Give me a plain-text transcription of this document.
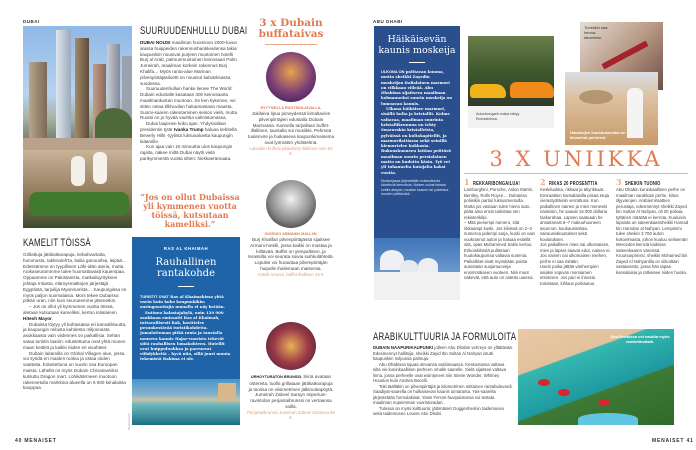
DUBAI
SUURUUDENHULLU DUBAI

DUBAI NOUSI maailman huomioon 2000-luvun alussa huippeiden rakennushankkeidensa takia: kaupunkiin nousivat purjeen muotoinen hotelli Burj al Arab, palmunmuotoinen keinosaari Palm Jumeirah, maailman korkein rakennus Burj Khalifa… Myös ranta-alue Marinan pilvenpiirtäjäsiluetti on noussut kahdeksassa vuodessa.

Suuruudenhulluin hanke lienee The World: Dubain edustalle kasataan 300 keinosaarta maailmankartan muotoon. Se ken kykenee, voi sitten ostaa tilkhuvilan haluamastaan maasta. Suomi-saaren rakentaminen seisoo vielä, mutta Ruotsi on jo hyvää vauhtia valmistumassa.

Dubai laajenee koko ajan. Yhdysvaltain presidentin tytär Ivanka Trump haluaa kehitellä Beverly Hills -tyylistä luksusaluetta kaupungin laitamille.

Kun ajaa vain 10 minuuttia ulos kaupungin rajalta, näkee miltä Dubai näytti vielä parikymmentä vuotta sitten: hiekkaerämaata.

”Jos on ollut Dubaissa yli kymmenen vuotta töissä, kutsutaan kameliksi.”
KAMELIT TÖISSÄ

Grillattuja jättikatkarapuja, kebabvartaita, hummusta, tabbouleh'ta, baba ganoushia, leipää… Edessämme on tyypillinen Lähi-idän ateria, mutta ruokaseurammme tulee huomattavasti kauempaa. Oppaamme on Pakistanista, matkailuyrityksen johtaja Intiasta, elämysmatkojen järjestäjä Egyptistä, tarjoilija Myanmarista… Kaupungissa on myös paljon suomalaisia. Moni tekee Dubaissa pitkän uran, niin kuin seurueemme jäsenetkin.

– Jos on ollut yli kymmenen vuotta töissä, aletaan kutsutaan kameliksi, kertoo intialainen Hitesh Mayor.

Dubaista löytyy yli kahtasataa eri kansallisuutta, ja kaupungin reilusta kahdesta miljoonasta asukkaasta vain viidennes on paikallisia. Sehän sataa turistin laariin: edustettuina ovat yhtä monen maan keittiöt ja kaikki niiden eri vivahteet.

Dubain laitamilla on Global Villagen alue, jossa voi syödä eri maiden ruokia ja ostaa niiden vaatteita. Edustettuna on suurin osa Euroopan maista. Lähellä on myös Dubain Chinatowniksi kutsuttu Dragon mart. Lohikäärmeen muotoon rakennetulla markkina-alueella on 5 000 kiinalaista kauppaa.

RAS AL KHAIMAH
Rauhallinen rantakohde

TURISTIT OVAT Ras al Khaimahissa yhtä usein kuin koko kaupunkikin: auringonottajia muualla ei näy ketään.

Entinen kalastajakylä, noin 120 000 asukkaan emiraatti Ras al Khaimah, tuttavallisesti Rak, havittelee pesunkestävää turistikohdetta. Jumalattoman pitkä ranta ja taustalla nouseva kaunis Hajar-vuoristo tekevät siitä rauhallisen lomakohteen. Hotellit ovat huippuluokkaa ja parruovat viihdykkeitä – hyvä niin, sillä juuri muuta tekemistä Rakissa ei ole.

Shutterstock
3 x Dubain buffataivas
RYYTSIELLA RUOTSINLAIVALLA.
Jokilaiva lipuu pimeydessä kimaltavien pilvenpiirtäjien edustalla Dubain Marinassa. Kannella tarjoillaan buffet-illallinen, taustalla soi musiikki. Pehmeä tuulenvire ja huikaiseva kaupunkimaisema ovat lyömätön yhdistelmä.
Laivaden buffetti pikkelöitty illallinen noin 62 €.
GIORGIO ARMANIN MALLIIN.
Burj Khalifan pilvenpiirtäjässä sijaitsee Armani-hotelli, jossa kaikki on mustaa ja kiiltävää. Buffet on ylenpaltinen, ja terassilta voi seurata soivia suihkulähteitä. Lopuksi voi hurauttaa pilvenpiirtäjän huipulle ihailemaan maisemia.
Hotelli Armani, buffet-illallinen 44 €.
URHOYTURATON BRUNSSI. Siinä avataan ostereita, tuolla grillataan jättikatkarapuja ja tuossa on viisimetrinen jälkiruokapöytä. Jumeirah Zabeel Sarayn Imperium-ravintolan perjantaibrunssi on vertaansa vailla.
Perjantaibrunssi Jumeirah Zabeel Saraissa 86 €.
40 MENAISET
ABU DHABI
Häikäisevän kaunis moskeija

ULKONA ON polttavan kuuma, mutta sheikki Zayedin moskeijan italialainen marmori on vilkkaan viileää. Abu Dhabissa sijaitseva maailman kolmanneksi suurin moskeija on lumoavan kaunis.

Ulkona häikäisee marmori, sisällä kulta ja kristallit. Kolme valtavaa, maailman suurinta kristallikruunua on tehty Swarovskin kristalleista, pylväissä on kultakapitellit, ja marmorilattiassa sekä seinillä kiemurtelee kukkasia. Rukoushuoneen lattian peittävä maailman suurin persialainen matto on kudottu käsin. Työ vei yli tuhannelta kutojalta kaksi vuotta.

Moskeijassa järjestetään maksuttomia käveleviä kierroksia. Naisen voivat lainata ovella abayan, mustan kaavun tai pukeutua muuten peittävästi.
Autonbongarin maka väsyy Emiraateissa.
Turistikin saa henna-tatuoinnin.
Haukkojen koulutusmedia on ikivanhat perinteet.
3 X UNIIKKA
1 REKKARIBONGAILUA!
Lamborghini, Porsche, Aston Martin, Bentley, Rolls Royce… Dubaissa poliisikin partioi luksusmersulla.
Mutta jos vastaan tulee hieno auto, pitää aina ensin tarkistaa sen rekisterikilpi.
– Mitä pienempi numero, sitä rikkaampi kuski. Jos kilvissä on 2–3 numeroa pidempi sarja, kuski on vain vuokrannut auton ja haluaa esitellä sitä, opas Muhammed Salim kertoo.
Erikoiskilvistä pulitetaan huutokaupoissa valtavia summia. Paikalliset eivät myöskään poista autostaan suojamuoveja ensimmäiseen vuoteen. Niin muut näkevät, että auto on ostettu uutena.
2 RIKAS 20 PROSENTTIA
Keskiluokka, rikkaat ja äkyrikkaat. Emiraattien kansalaisilla piisaa etuja vierastyöläisiin verrattuna. Kun paikallinen nainen ja mies menevät naimisiin, he saavat 15 000 dollaria taskurahaa. Lapsen saatuaan he ansaitsevat 6–7 makuuhuoneen asunnon, kuukausirahaa, sairausvakuutukset sekä koulutuksen.
Jos paikallinen mies nai ulkomaisen, mies ja lapset saavat edut, nainen ei. Jos nainen nai ulkomaisen miehen, perhe ei saa mitään.
Usein poika jättää vanhempien asiaksi sopivan morsiamen etsimisen. Jos pari ei innostu toisistaan, kihlaus purkautuu.
3 SHEIKIN TUONIO
Abu Dhabin kuninkaallinen perhe on maailman varakkain perhe, kiitos öljyvarojen. Arabiemiraattien perustaja, edesmennyt sheikki Zayed bin Sultan Al Nahyan, oli 20 poikaa, tyttärien määrää ei kerrota. Kuuluisin lapsista on sateenkaarisheikki Hamad bin Hamdan al Nahyan. Lempinimi tulee sheikin 3 700 auton kokoelmasta, johon kuuluu seitsemän Mercedes Benziä kaikissa sateenkaaren väreissä.
Kruununprinssi, sheikki Mohamed bin Zayed Al Nahyanilla on viikoittain vastaanotto, jossa hän tapaa kansalaisia ja ratkaisee niiden huolia.
ARABIKULTTUURIA JA FORMULOITA

DUBAIN NAAPURIKAUPUNKI jolleen Abu Dhabin vehreys on yllättävää. Edesmennyt hallitsija, sheikki Zayid Ibn Sultan Al Nahyan istutti kaupunkiin miljoonia palmuja.

Abu Dhabissa tajuaa olevansa arabimaassa. Keskustassa valtava silta vie kuninkaallisen perheen omalle saarelle. Sielä sijaitsee valtava linna, jossa perheelle ovat esiintyneet niin Stevie Wonder, Whitney Houston kuin Andrea Bocelli.

Toki täälläkin on pilvenpiirtäjiä ja kilometrinen mittainen rantabulevardi. Saadiyat-saarella on hulkaisevan kaunis uimaranta. Yas-saarella järjestetään formulakisat. Yasin Ferrari-huvipuistossa voi testata maailman nopeimman vuoristoradan.

Tulossa on myös kulttuuria: jättimäiset Guggenheimin taidemuseo sekä taidemuseo Louvre Abu Dhabi.

Abu Dhabissa voi nauttia myös rantaelämästä.
MENAISET 41
